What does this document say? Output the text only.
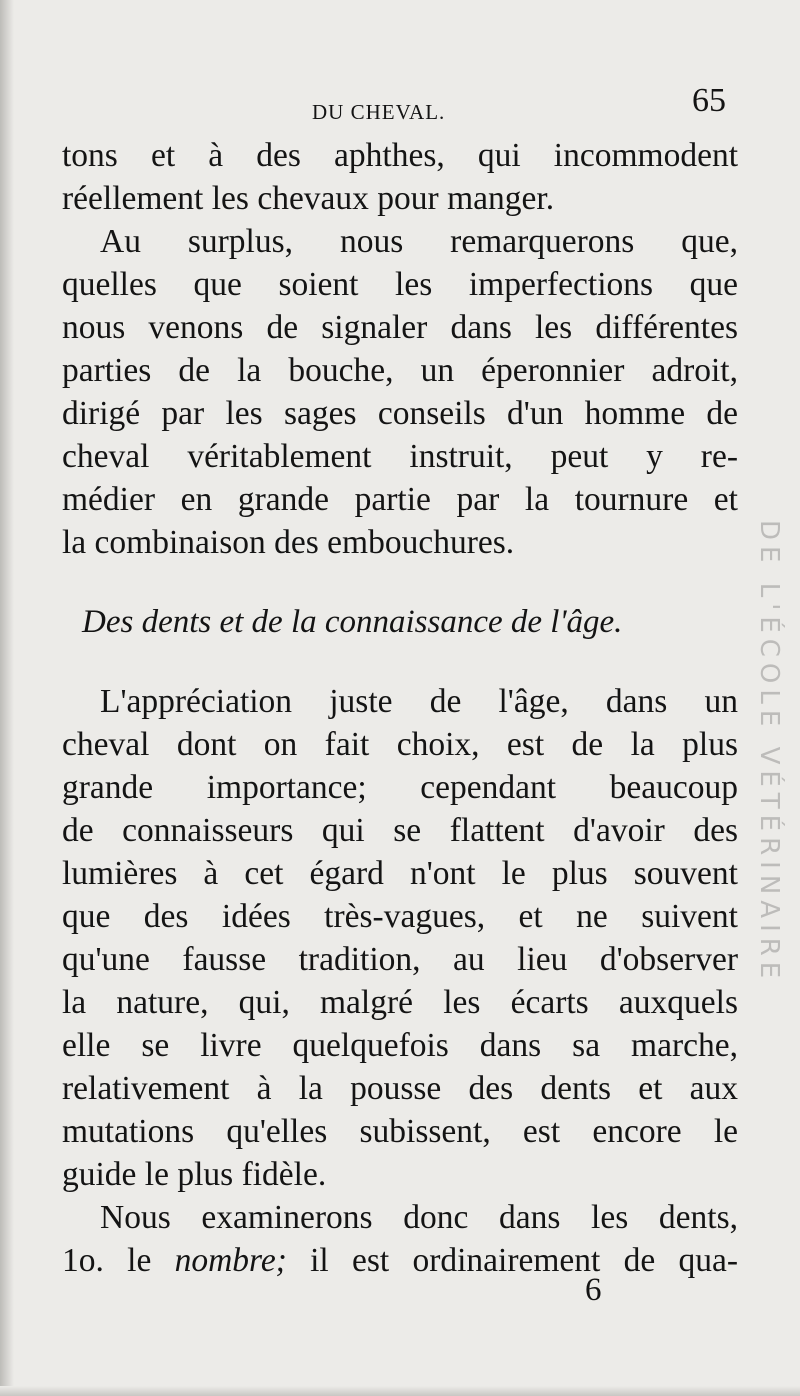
DU CHEVAL.	65
tons et à des aphthes, qui incommodent
réellement les chevaux pour manger.
Au surplus, nous remarquerons que,
quelles que soient les imperfections que
nous venons de signaler dans les différentes
parties de la bouche, un éperonnier adroit,
dirigé par les sages conseils d'un homme de
cheval véritablement instruit, peut y re-
médier en grande partie par la tournure et
la combinaison des embouchures.
Des dents et de la connaissance de l'âge.
L'appréciation juste de l'âge, dans un
cheval dont on fait choix, est de la plus
grande importance; cependant beaucoup
de connaisseurs qui se flattent d'avoir des
lumières à cet égard n'ont le plus souvent
que des idées très-vagues, et ne suivent
qu'une fausse tradition, au lieu d'observer
la nature, qui, malgré les écarts auxquels
elle se livre quelquefois dans sa marche,
relativement à la pousse des dents et aux
mutations qu'elles subissent, est encore le
guide le plus fidèle.
Nous examinerons donc dans les dents,
1o. le nombre; il est ordinairement de qua-
6
DE L'ÉCOLE VÉTÉRINAIRE
